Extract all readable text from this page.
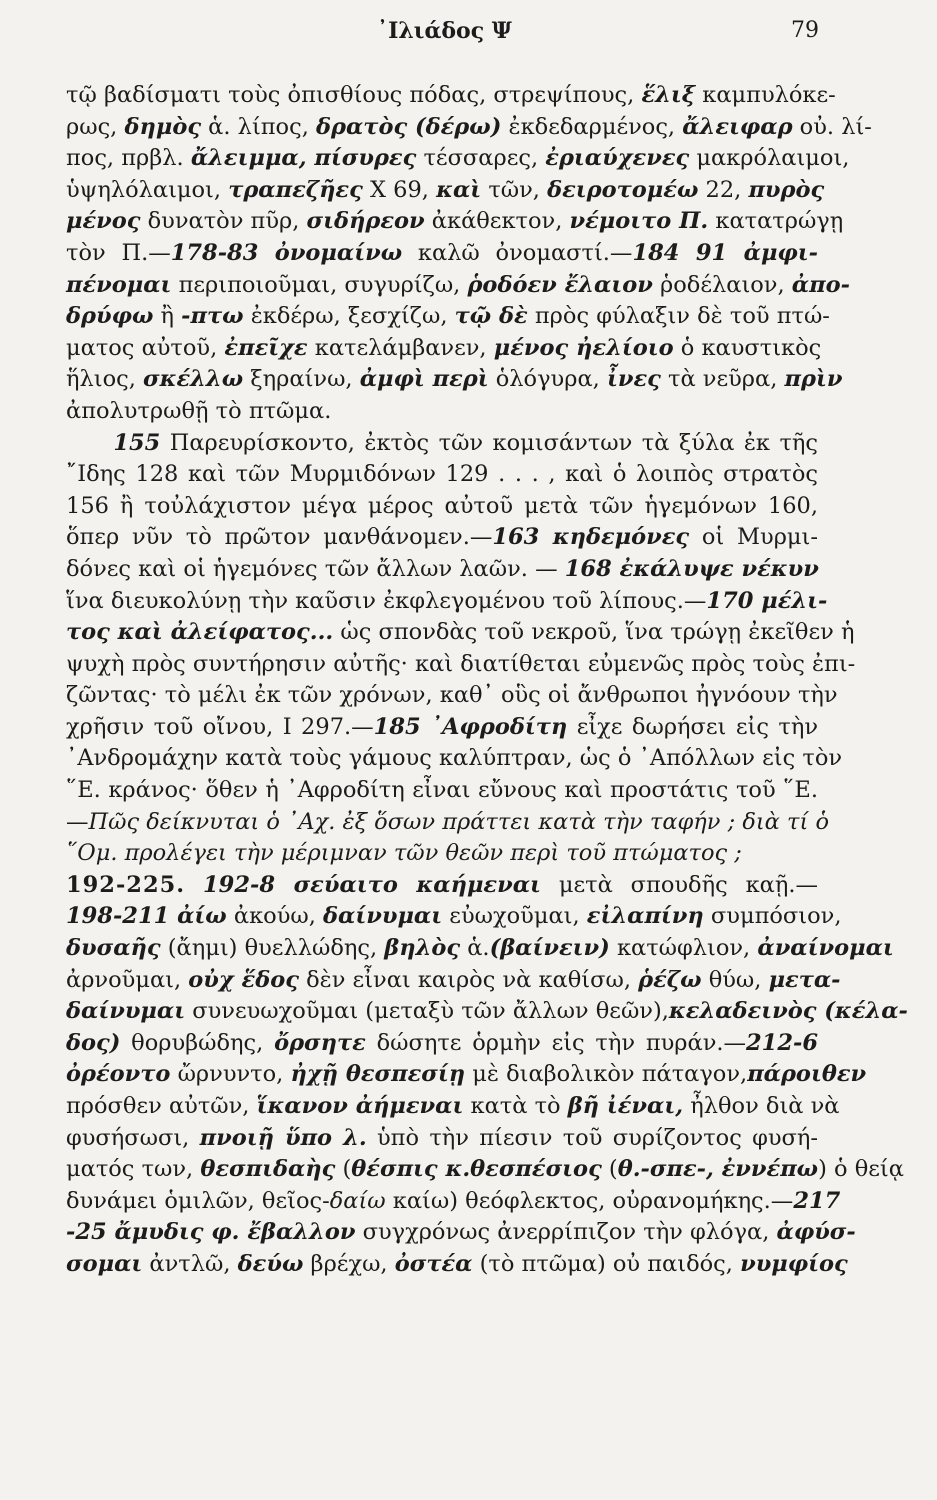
᾿Ιλιάδος Ψ	79
τῷ βαδίσματι τοὺς ὀπισθίους πόδας, στρεψίπους, ἕλιξ καμπυλόκε-
ρως, δημὸς ἁ. λίπος, δρατὸς (δέρω) ἐκδεδαρμένος, ἄλειφαρ οὐ. λί-
πος, πρβλ. ἄλειμμα, πίσυρες τέσσαρες, ἐριαύχενες μακρόλαιμοι,
ὑψηλόλαιμοι, τραπεζῆες Χ 69, καὶ τῶν, δειροτομέω 22, πυρὸς
μένος δυνατὸν πῦρ, σιδήρεον ἀκάθεκτον, νέμοιτο Π. κατατρώγῃ
τὸν Π.—178-83 ὀνομαίνω καλῶ ὀνομαστί.—184 91 ἀμφι-
πένομαι περιποιοῦμαι, συγυρίζω, ῥοδόεν ἔλαιον ῥοδέλαιον, ἀπο-
δρύφω ἢ -πτω ἐκδέρω, ξεσχίζω, τῷ δὲ πρὸς φύλαξιν δὲ τοῦ πτώ-
ματος αὐτοῦ, ἐπεῖχε κατελάμβανεν, μένος ἠελίοιο ὁ καυστικὸς
ἥλιος, σκέλλω ξηραίνω, ἀμφὶ περὶ ὁλόγυρα, ἶνες τὰ νεῦρα, πρὶν
ἀπολυτρωθῇ τὸ πτῶμα.
155 Παρευρίσκοντο, ἐκτὸς τῶν κομισάντων τὰ ξύλα ἐκ τῆς
῎Ιδης 128 καὶ τῶν Μυρμιδόνων 129 . . . , καὶ ὁ λοιπὸς στρατὸς
156 ἢ τοὐλάχιστον μέγα μέρος αὐτοῦ μετὰ τῶν ἡγεμόνων 160,
ὅπερ νῦν τὸ πρῶτον μανθάνομεν.—163 κηδεμόνες οἱ Μυρμι-
δόνες καὶ οἱ ἡγεμόνες τῶν ἄλλων λαῶν. — 168 ἐκάλυψε νέκυν
ἵνα διευκολύνῃ τὴν καῦσιν ἐκφλεγομένου τοῦ λίπους.—170 μέλι-
τος καὶ ἀλείφατος... ὡς σπονδὰς τοῦ νεκροῦ, ἵνα τρώγῃ ἐκεῖθεν ἡ
ψυχὴ πρὸς συντήρησιν αὐτῆς· καὶ διατίθεται εὐμενῶς πρὸς τοὺς ἐπι-
ζῶντας· τὸ μέλι ἐκ τῶν χρόνων, καθ᾿ οὓς οἱ ἄνθρωποι ἠγνόουν τὴν
χρῆσιν τοῦ οἴνου, Ι 297.—185 ᾿Αφροδίτη εἶχε δωρήσει εἰς τὴν
᾿Ανδρομάχην κατὰ τοὺς γάμους καλύπτραν, ὡς ὁ ᾿Απόλλων εἰς τὸν
῞Ε. κράνος· ὅθεν ἡ ᾿Αφροδίτη εἶναι εὔνους καὶ προστάτις τοῦ ῞Ε.
—Πῶς δείκνυται ὁ ᾿Αχ. ἐξ ὅσων πράττει κατὰ τὴν ταφήν ; διὰ τί ὁ
῞Ομ. προλέγει τὴν μέριμναν τῶν θεῶν περὶ τοῦ πτώματος ;
192-225. 192-8 σεύαιτο καήμεναι μετὰ σπουδῆς καῇ.—
198-211 ἀίω ἀκούω, δαίνυμαι εὐωχοῦμαι, εἰλαπίνη συμπόσιον,
δυσαῆς (ἄημι) θυελλώδης, βηλὸς ἁ.(βαίνειν) κατώφλιον, ἀναίνομαι
ἀρνοῦμαι, οὐχ ἕδος δὲν εἶναι καιρὸς νὰ καθίσω, ῥέζω θύω, μετα-
δαίνυμαι συνευωχοῦμαι (μεταξὺ τῶν ἄλλων θεῶν),κελαδεινὸς (κέλα-
δος) θορυβώδης, ὄρσητε δώσητε ὁρμὴν εἰς τὴν πυράν.—212-6
ὀρέοντο ὤρνυντο, ἠχῇ θεσπεσίῃ μὲ διαβολικὸν πάταγον,πάροιθεν
πρόσθεν αὐτῶν, ἵκανον ἀήμεναι κατὰ τὸ βῆ ἰέναι, ἦλθον διὰ νὰ
φυσήσωσι, πνοιῇ ὕπο λ. ὑπὸ τὴν πίεσιν τοῦ συρίζοντος φυσή-
ματός των, θεσπιδαὴς (θέσπις κ.θεσπέσιος (θ.-σπε-, ἐννέπω) ὁ θείᾳ
δυνάμει ὁμιλῶν, θεῖος-δαίω καίω) θεόφλεκτος, οὐρανομήκης.—217
-25 ἄμυδις φ. ἔβαλλον συγχρόνως ἀνερρίπιζον τὴν φλόγα, ἀφύσ-
σομαι ἀντλῶ, δεύω βρέχω, ὀστέα (τὸ πτῶμα) οὐ παιδός, νυμφίος
